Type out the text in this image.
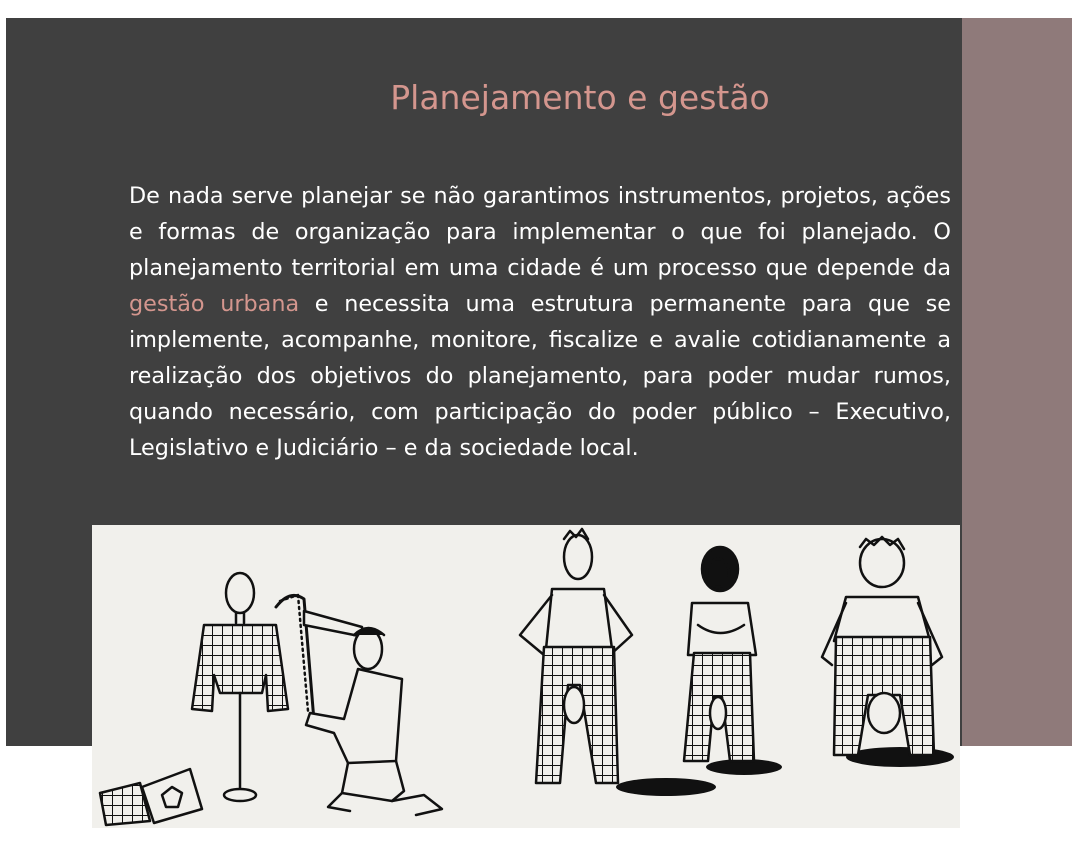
Planejamento e gestão

De nada serve planejar se não garantimos instrumentos, projetos, ações e formas de organização para implementar o que foi planejado. O planejamento territorial em uma cidade é um processo que depende da gestão urbana e necessita uma estrutura permanente para que se implemente, acompanhe, monitore, fiscalize e avalie cotidianamente a realização dos objetivos do planejamento, para poder mudar rumos, quando necessário, com participação do poder público – Executivo, Legislativo e Judiciário – e da sociedade local.
